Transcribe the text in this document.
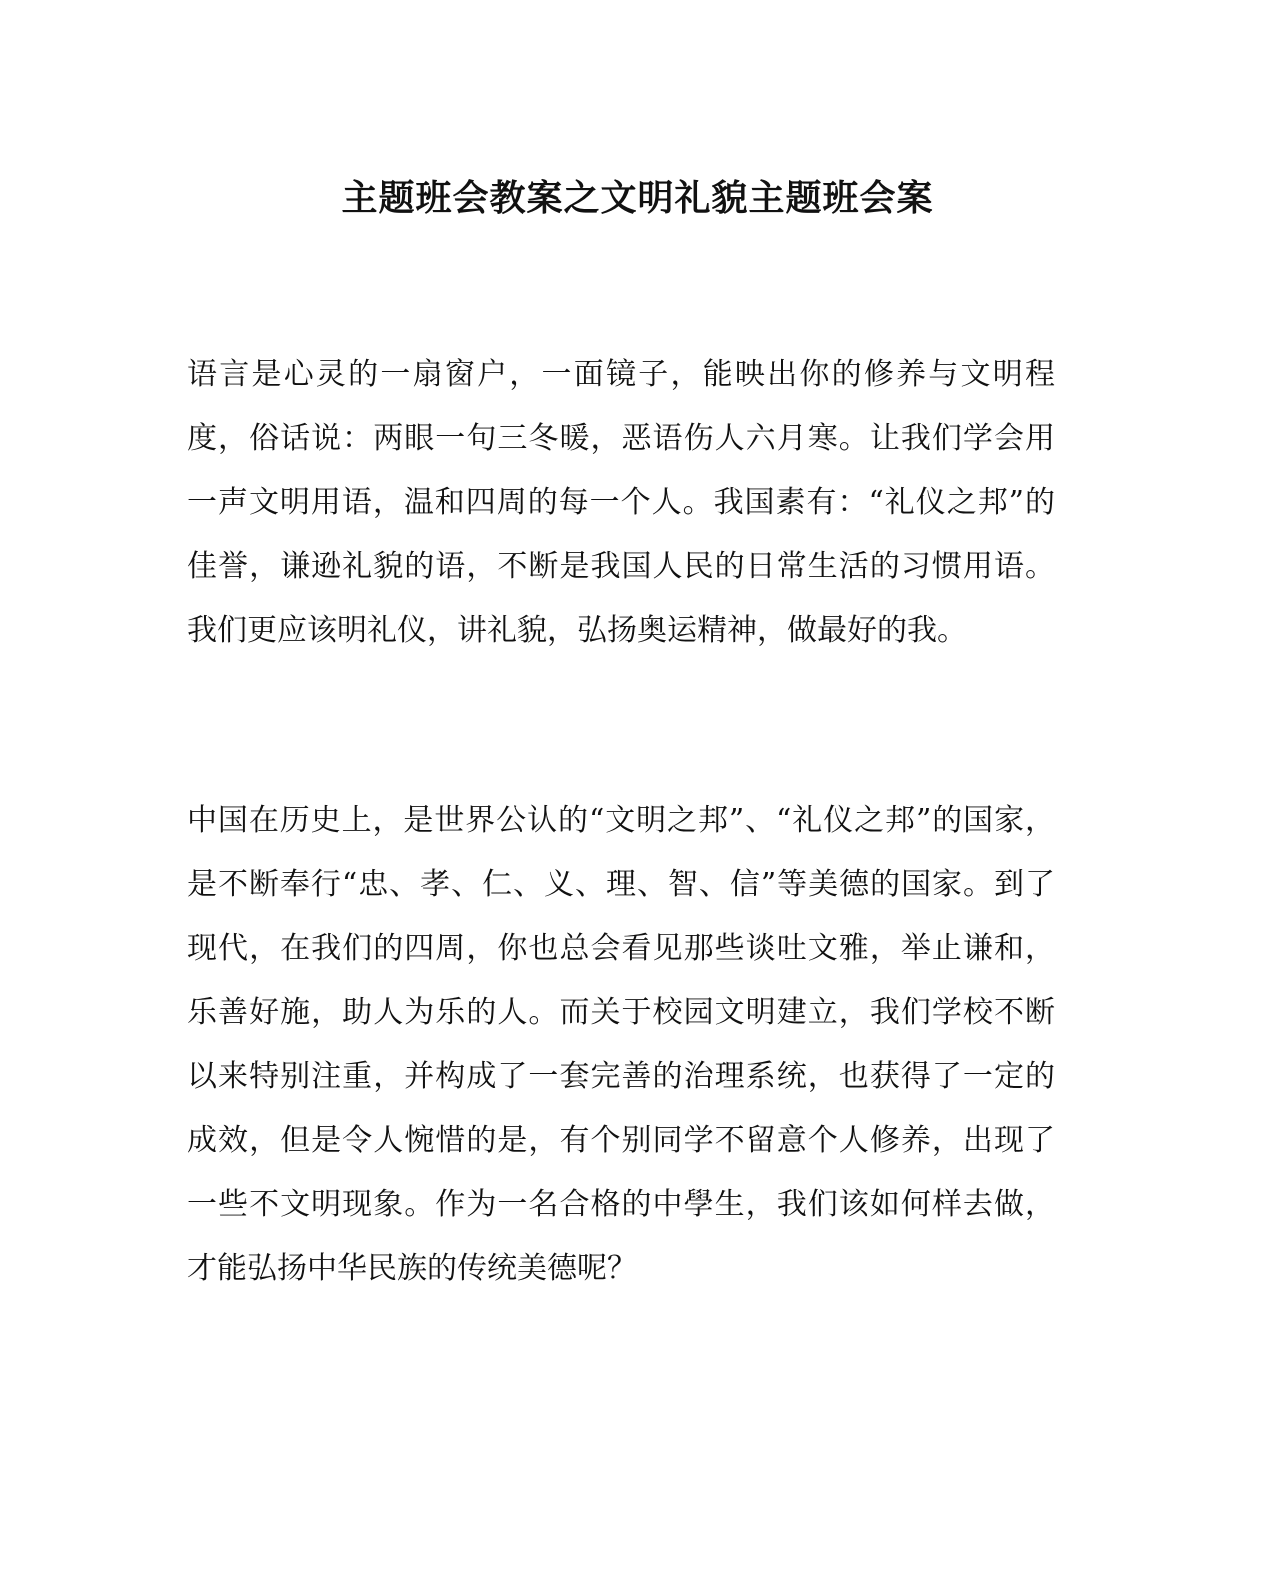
主题班会教案之文明礼貌主题班会案

语言是心灵的一扇窗户，一面镜子，能映出你的修养与文明程度，俗话说：两眼一句三冬暖，恶语伤人六月寒。让我们学会用一声文明用语，温和四周的每一个人。我国素有：“礼仪之邦”的佳誉，谦逊礼貌的语，不断是我国人民的日常生活的习惯用语。我们更应该明礼仪，讲礼貌，弘扬奥运精神，做最好的我。

中国在历史上，是世界公认的“文明之邦”、“礼仪之邦”的国家，是不断奉行“忠、孝、仁、义、理、智、信”等美德的国家。到了现代，在我们的四周，你也总会看见那些谈吐文雅，举止谦和，乐善好施，助人为乐的人。而关于校园文明建立，我们学校不断以来特别注重，并构成了一套完善的治理系统，也获得了一定的成效，但是令人惋惜的是，有个别同学不留意个人修养，出现了一些不文明现象。作为一名合格的中學生，我们该如何样去做，才能弘扬中华民族的传统美德呢？
